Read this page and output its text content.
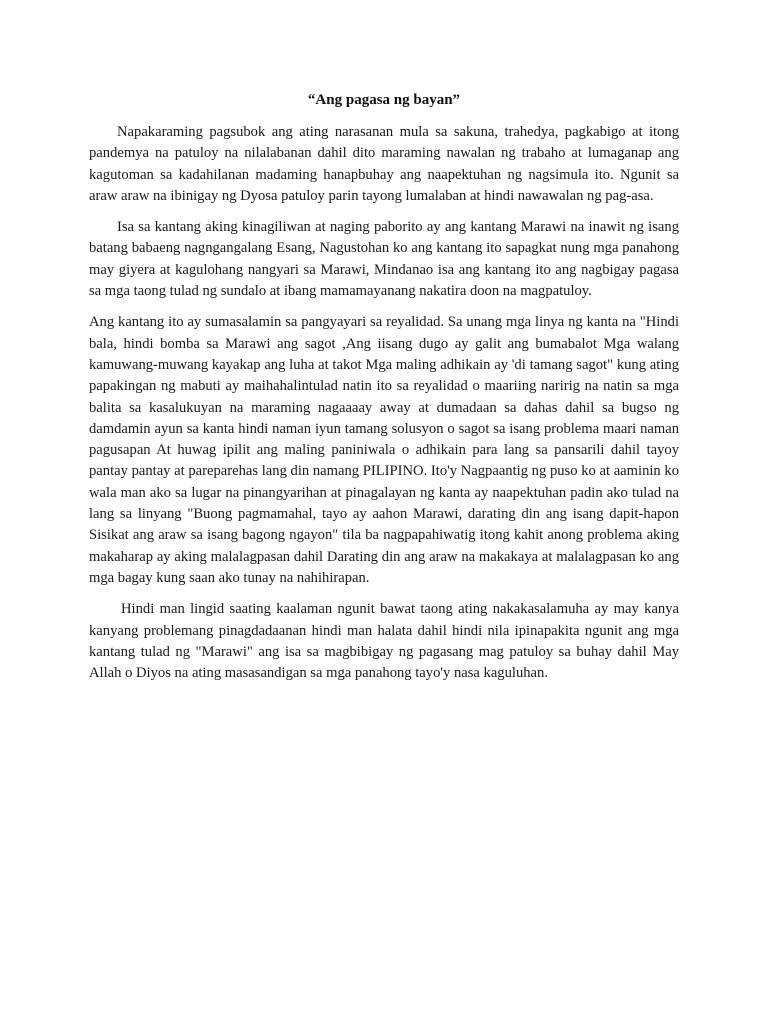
“Ang pagasa ng bayan”

Napakaraming pagsubok ang ating narasanan mula sa sakuna, trahedya, pagkabigo at itong pandemya na patuloy na nilalabanan dahil dito maraming nawalan ng trabaho at lumaganap ang kagutoman sa kadahilanan madaming hanapbuhay ang naapektuhan ng nagsimula ito. Ngunit sa araw araw na ibinigay ng Dyosa patuloy parin tayong lumalaban at hindi nawawalan ng pag-asa.

Isa sa kantang aking kinagiliwan at naging paborito ay ang kantang Marawi na inawit ng isang batang babaeng nagngangalang Esang, Nagustohan ko ang kantang ito sapagkat nung mga panahong may giyera at kagulohang nangyari sa Marawi, Mindanao isa ang kantang ito ang nagbigay pagasa sa mga taong tulad ng sundalo at ibang mamamayanang nakatira doon na magpatuloy.

Ang kantang ito ay sumasalamin sa pangyayari sa reyalidad. Sa unang mga linya ng kanta na "Hindi bala, hindi bomba sa Marawi ang sagot ,Ang iisang dugo ay galit ang bumabalot Mga walang kamuwang-muwang kayakap ang luha at takot Mga maling adhikain ay 'di tamang sagot" kung ating papakingan ng mabuti ay maihahalintulad natin ito sa reyalidad o maariing naririg na natin sa mga balita sa kasalukuyan na maraming nagaaaay away at dumadaan sa dahas dahil sa bugso ng damdamin ayun sa kanta hindi naman iyun tamang solusyon o sagot sa isang problema maari naman pagusapan At huwag ipilit ang maling paniniwala o adhikain para lang sa pansarili dahil tayoy pantay pantay at pareparehas lang din namang PILIPINO. Ito'y Nagpaantig ng puso ko at aaminin ko wala man ako sa lugar na pinangyarihan at pinagalayan ng kanta ay naapektuhan padin ako tulad na lang sa linyang "Buong pagmamahal, tayo ay aahon Marawi, darating din ang isang dapit-hapon Sisikat ang araw sa isang bagong ngayon" tila ba nagpapahiwatig itong kahit anong problema aking makaharap ay aking malalagpasan dahil Darating din ang araw na makakaya at malalagpasan ko ang mga bagay kung saan ako tunay na nahihirapan.

Hindi man lingid saating kaalaman ngunit bawat taong ating nakakasalamuha ay may kanya kanyang problemang pinagdadaanan hindi man halata dahil hindi nila ipinapakita ngunit ang mga kantang tulad ng "Marawi" ang isa sa magbibigay ng pagasang mag patuloy sa buhay dahil May Allah o Diyos na ating masasandigan sa mga panahong tayo'y nasa kaguluhan.
